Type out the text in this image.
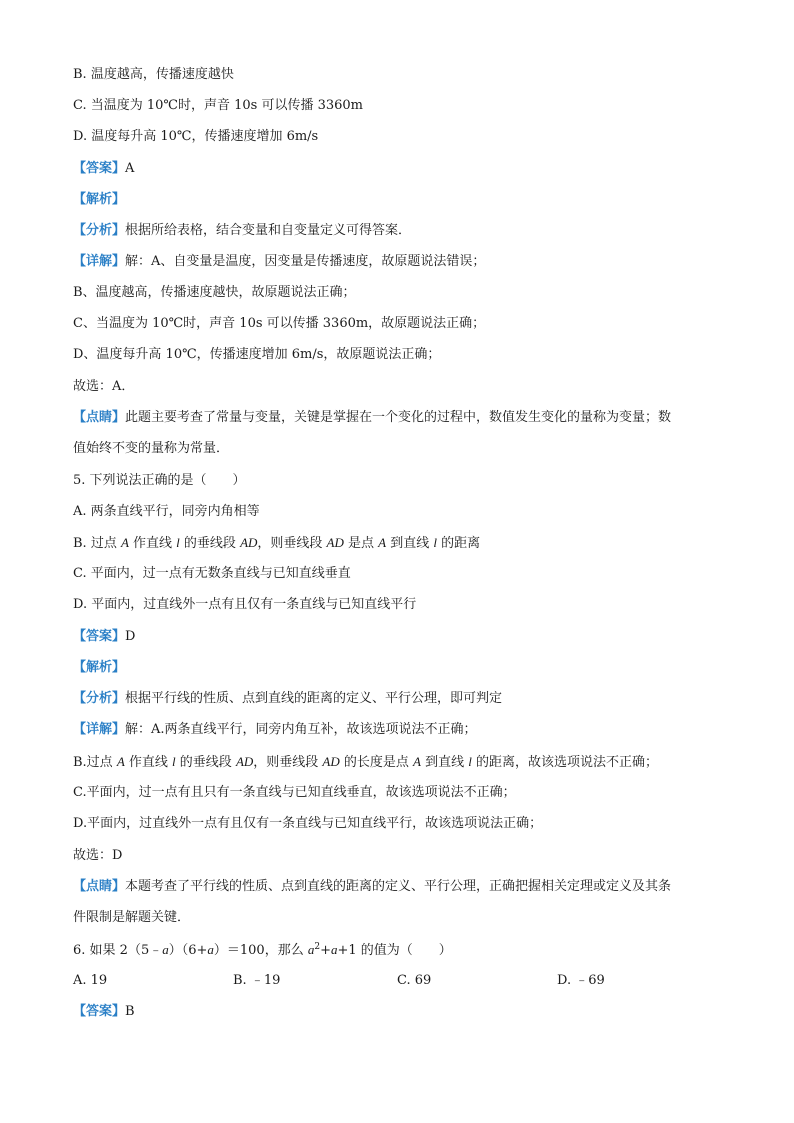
B. 温度越高，传播速度越快
C. 当温度为 10℃时，声音 10s 可以传播 3360m
D. 温度每升高 10℃，传播速度增加 6m/s
【答案】A
【解析】
【分析】根据所给表格，结合变量和自变量定义可得答案．
【详解】解：A、自变量是温度，因变量是传播速度，故原题说法错误；
B、温度越高，传播速度越快，故原题说法正确；
C、当温度为 10℃时，声音 10s 可以传播 3360m，故原题说法正确；
D、温度每升高 10℃，传播速度增加 6m/s，故原题说法正确；
故选：A．
【点睛】此题主要考查了常量与变量，关键是掌握在一个变化的过程中，数值发生变化的量称为变量；数
值始终不变的量称为常量．
5. 下列说法正确的是（　　）
A. 两条直线平行，同旁内角相等
B. 过点 A 作直线 l 的垂线段 AD，则垂线段 AD 是点 A 到直线 l 的距离
C. 平面内，过一点有无数条直线与已知直线垂直
D. 平面内，过直线外一点有且仅有一条直线与已知直线平行
【答案】D
【解析】
【分析】根据平行线的性质、点到直线的距离的定义、平行公理，即可判定
【详解】解：A.两条直线平行，同旁内角互补，故该选项说法不正确；
B.过点 A 作直线 l 的垂线段 AD，则垂线段 AD 的长度是点 A 到直线 l 的距离，故该选项说法不正确；
C.平面内，过一点有且只有一条直线与已知直线垂直，故该选项说法不正确；
D.平面内，过直线外一点有且仅有一条直线与已知直线平行，故该选项说法正确；
故选：D
【点睛】本题考查了平行线的性质、点到直线的距离的定义、平行公理，正确把握相关定理或定义及其条
件限制是解题关键．
6. 如果 2（5﹣a）（6+a）＝100，那么 $a^2+a+1$ 的值为（　　）
A. 19	B. ﹣19	C. 69	D. ﹣69
【答案】B
